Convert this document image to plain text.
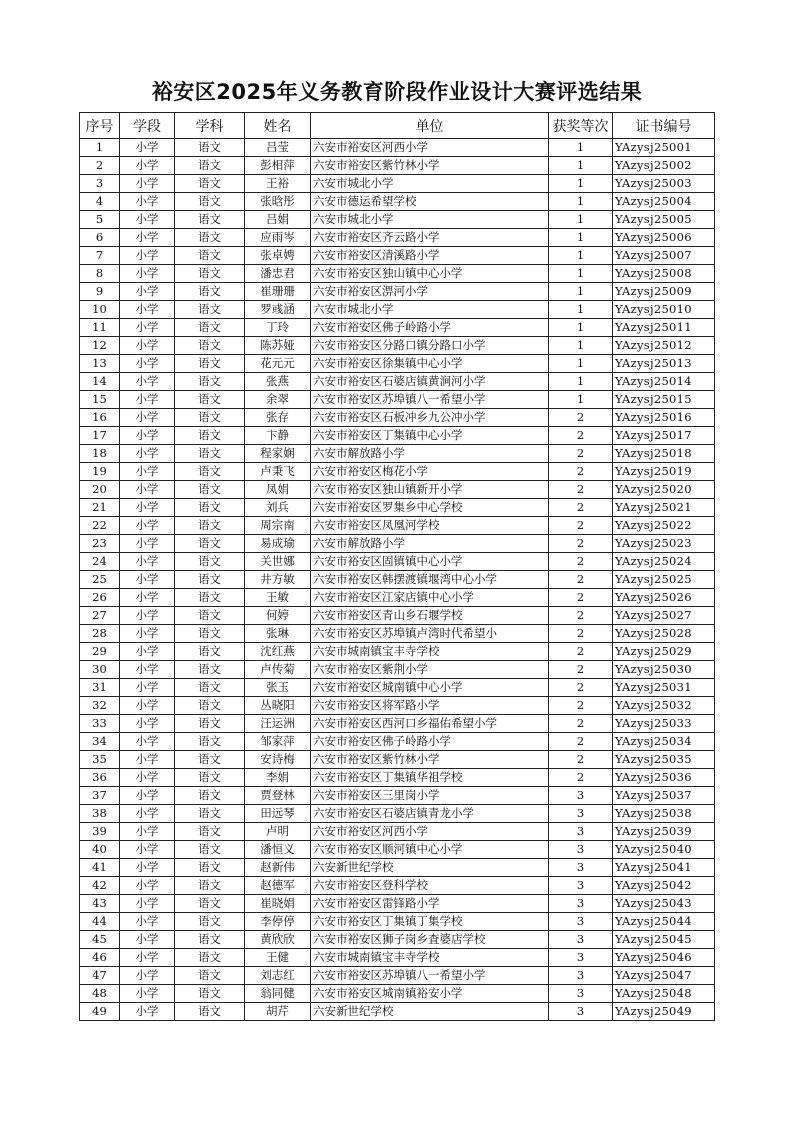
裕安区2025年义务教育阶段作业设计大赛评选结果
序号	学段	学科	姓名	单位	获奖等次	证书编号
1	小学	语文	吕莹	六安市裕安区河西小学	1	YAzysj25001
2	小学	语文	彭相萍	六安市裕安区紫竹林小学	1	YAzysj25002
3	小学	语文	王裕	六安市城北小学	1	YAzysj25003
4	小学	语文	张晗彤	六安市德运希望学校	1	YAzysj25004
5	小学	语文	吕娟	六安市城北小学	1	YAzysj25005
6	小学	语文	应雨岑	六安市裕安区齐云路小学	1	YAzysj25006
7	小学	语文	张卓娉	六安市裕安区清溪路小学	1	YAzysj25007
8	小学	语文	潘忠君	六安市裕安区独山镇中心小学	1	YAzysj25008
9	小学	语文	崔珊珊	六安市裕安区淠河小学	1	YAzysj25009
10	小学	语文	罗彧涵	六安市城北小学	1	YAzysj25010
11	小学	语文	丁玲	六安市裕安区佛子岭路小学	1	YAzysj25011
12	小学	语文	陈苏娅	六安市裕安区分路口镇分路口小学	1	YAzysj25012
13	小学	语文	花元元	六安市裕安区徐集镇中心小学	1	YAzysj25013
14	小学	语文	张燕	六安市裕安区石婆店镇黄涧河小学	1	YAzysj25014
15	小学	语文	余翠	六安市裕安区苏埠镇八一希望小学	1	YAzysj25015
16	小学	语文	张存	六安市裕安区石板冲乡九公冲小学	2	YAzysj25016
17	小学	语文	卞静	六安市裕安区丁集镇中心小学	2	YAzysj25017
18	小学	语文	程家娴	六安市解放路小学	2	YAzysj25018
19	小学	语文	卢秉飞	六安市裕安区梅花小学	2	YAzysj25019
20	小学	语文	凤娟	六安市裕安区独山镇新开小学	2	YAzysj25020
21	小学	语文	刘兵	六安市裕安区罗集乡中心学校	2	YAzysj25021
22	小学	语文	周宗南	六安市裕安区凤凰河学校	2	YAzysj25022
23	小学	语文	易成瑜	六安市解放路小学	2	YAzysj25023
24	小学	语文	关世娜	六安市裕安区固镇镇中心小学	2	YAzysj25024
25	小学	语文	井方敏	六安市裕安区韩摆渡镇堰湾中心小学	2	YAzysj25025
26	小学	语文	王敏	六安市裕安区江家店镇中心小学	2	YAzysj25026
27	小学	语文	何婷	六安市裕安区青山乡石堰学校	2	YAzysj25027
28	小学	语文	张琳	六安市裕安区苏埠镇卢湾时代希望小	2	YAzysj25028
29	小学	语文	沈红燕	六安市城南镇宝丰寺学校	2	YAzysj25029
30	小学	语文	卢传菊	六安市裕安区紫荆小学	2	YAzysj25030
31	小学	语文	张玉	六安市裕安区城南镇中心小学	2	YAzysj25031
32	小学	语文	丛晓阳	六安市裕安区将军路小学	2	YAzysj25032
33	小学	语文	汪运洲	六安市裕安区西河口乡福佑希望小学	2	YAzysj25033
34	小学	语文	邹家萍	六安市裕安区佛子岭路小学	2	YAzysj25034
35	小学	语文	安诗梅	六安市裕安区紫竹林小学	2	YAzysj25035
36	小学	语文	李娟	六安市裕安区丁集镇华祖学校	2	YAzysj25036
37	小学	语文	贾登林	六安市裕安区三里岗小学	3	YAzysj25037
38	小学	语文	田远琴	六安市裕安区石婆店镇青龙小学	3	YAzysj25038
39	小学	语文	卢明	六安市裕安区河西小学	3	YAzysj25039
40	小学	语文	潘恒义	六安市裕安区顺河镇中心小学	3	YAzysj25040
41	小学	语文	赵新伟	六安新世纪学校	3	YAzysj25041
42	小学	语文	赵德军	六安市裕安区登科学校	3	YAzysj25042
43	小学	语文	崔晓娟	六安市裕安区雷锋路小学	3	YAzysj25043
44	小学	语文	李停停	六安市裕安区丁集镇丁集学校	3	YAzysj25044
45	小学	语文	黄欣欣	六安市裕安区狮子岗乡査婆店学校	3	YAzysj25045
46	小学	语文	王健	六安市城南镇宝丰寺学校	3	YAzysj25046
47	小学	语文	刘志红	六安市裕安区苏埠镇八一希望小学	3	YAzysj25047
48	小学	语文	翁同健	六安市裕安区城南镇裕安小学	3	YAzysj25048
49	小学	语文	胡芹	六安新世纪学校	3	YAzysj25049
